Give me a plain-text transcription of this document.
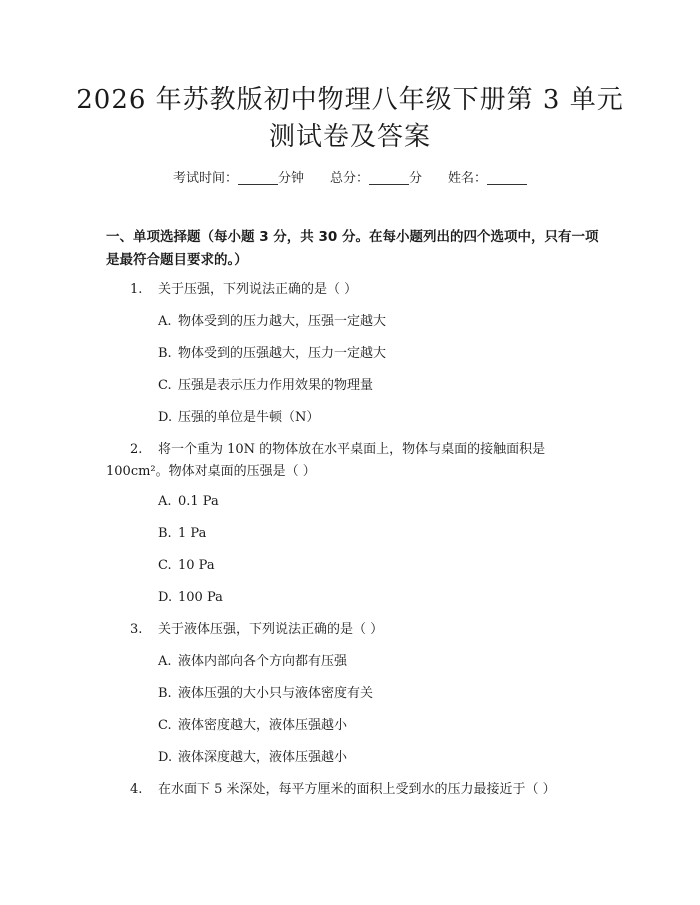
2026 年苏教版初中物理八年级下册第 3 单元
测试卷及答案
考试时间：	分钟 总分：	分 姓名：
一、单项选择题（每小题 3 分，共 30 分。在每小题列出的四个选项中，只有一项
是最符合题目要求的。）
1. 关于压强，下列说法正确的是（ ）
A. 物体受到的压力越大，压强一定越大
B. 物体受到的压强越大，压力一定越大
C. 压强是表示压力作用效果的物理量
D. 压强的单位是牛顿（N）
2. 将一个重为 10N 的物体放在水平桌面上，物体与桌面的接触面积是
100cm²。物体对桌面的压强是（ ）
A. 0.1 Pa
B. 1 Pa
C. 10 Pa
D. 100 Pa
3. 关于液体压强，下列说法正确的是（ ）
A. 液体内部向各个方向都有压强
B. 液体压强的大小只与液体密度有关
C. 液体密度越大，液体压强越小
D. 液体深度越大，液体压强越小
4. 在水面下 5 米深处，每平方厘米的面积上受到水的压力最接近于（ ）
